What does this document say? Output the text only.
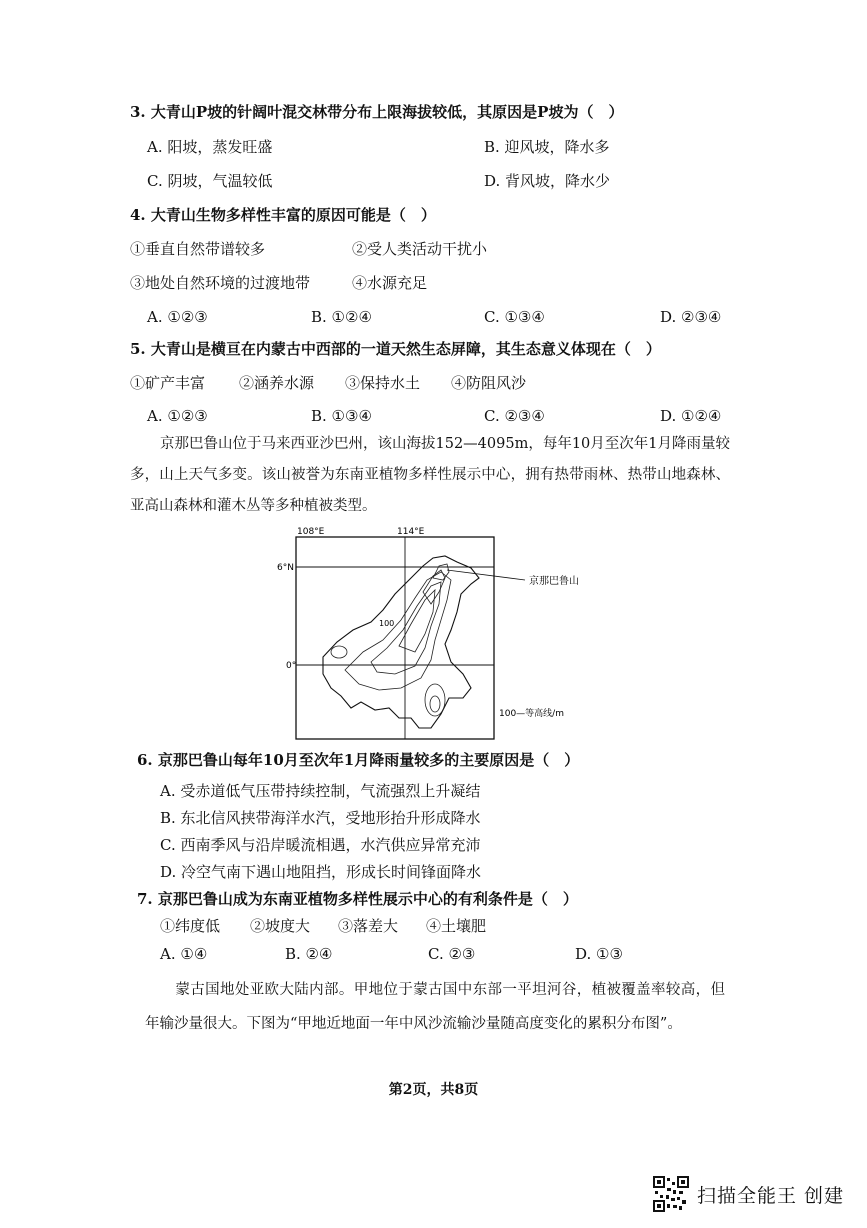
3. 大青山P坡的针阔叶混交林带分布上限海拔较低，其原因是P坡为（　）
A. 阳坡，蒸发旺盛	B. 迎风坡，降水多
C. 阴坡，气温较低	D. 背风坡，降水少
4. 大青山生物多样性丰富的原因可能是（　）
①垂直自然带谱较多	②受人类活动干扰小
③地处自然环境的过渡地带	④水源充足
A. ①②③	B. ①②④	C. ①③④	D. ②③④
5. 大青山是横亘在内蒙古中西部的一道天然生态屏障，其生态意义体现在（　）
①矿产丰富 ②涵养水源 ③保持水土 ④防阻风沙
A. ①②③	B. ①③④	C. ②③④	D. ①②④
京那巴鲁山位于马来西亚沙巴州，该山海拔152—4095m，每年10月至次年1月降雨量较多，山上天气多变。该山被誉为东南亚植物多样性展示中心，拥有热带雨林、热带山地森林、亚高山森林和灌木丛等多种植被类型。
108°E	114°E
6°N
0°
100
京那巴鲁山
100—等高线/m
6. 京那巴鲁山每年10月至次年1月降雨量较多的主要原因是（　）
A. 受赤道低气压带持续控制，气流强烈上升凝结
B. 东北信风挟带海洋水汽，受地形抬升形成降水
C. 西南季风与沿岸暖流相遇，水汽供应异常充沛
D. 冷空气南下遇山地阻挡，形成长时间锋面降水
7. 京那巴鲁山成为东南亚植物多样性展示中心的有利条件是（　）
①纬度低 ②坡度大 ③落差大 ④土壤肥
A. ①④	B. ②④	C. ②③	D. ①③
蒙古国地处亚欧大陆内部。甲地位于蒙古国中东部一平坦河谷，植被覆盖率较高，但年输沙量很大。下图为“甲地近地面一年中风沙流输沙量随高度变化的累积分布图”。
第2页，共8页
扫描全能王 创建
